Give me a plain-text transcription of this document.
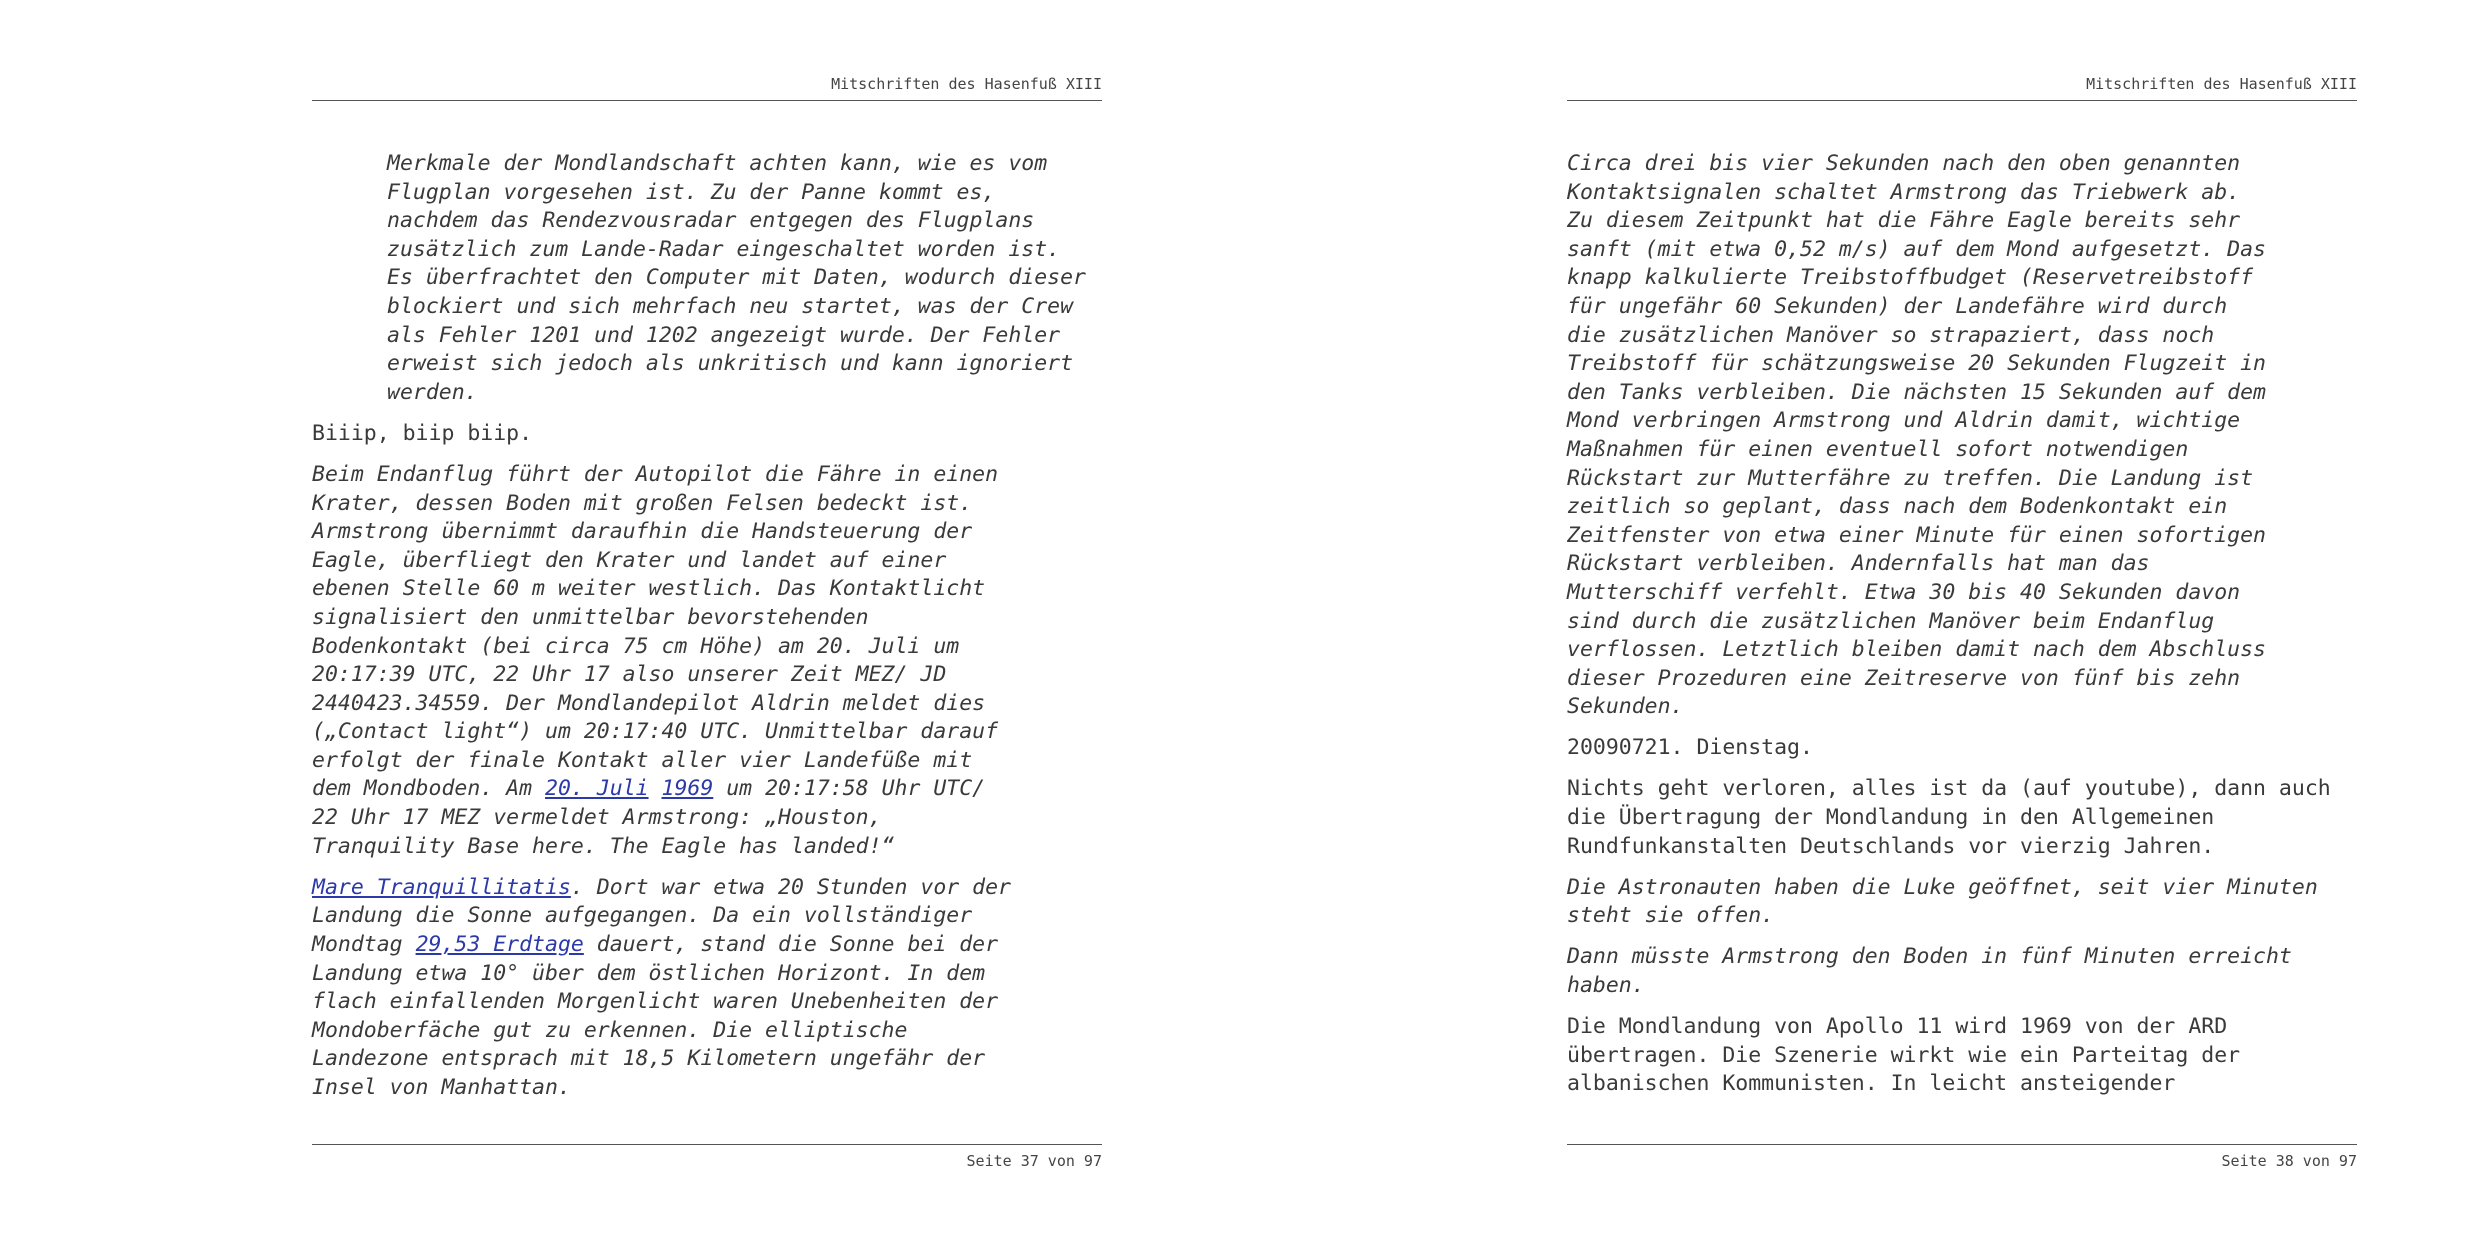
Mitschriften des Hasenfuß XIII

Merkmale der Mondlandschaft achten kann, wie es vom
Flugplan vorgesehen ist. Zu der Panne kommt es,
nachdem das Rendezvousradar entgegen des Flugplans
zusätzlich zum Lande-Radar eingeschaltet worden ist.
Es überfrachtet den Computer mit Daten, wodurch dieser
blockiert und sich mehrfach neu startet, was der Crew
als Fehler 1201 und 1202 angezeigt wurde. Der Fehler
erweist sich jedoch als unkritisch und kann ignoriert
werden.

Biiip, biip biip.

Beim Endanflug führt der Autopilot die Fähre in einen
Krater, dessen Boden mit großen Felsen bedeckt ist.
Armstrong übernimmt daraufhin die Handsteuerung der
Eagle, überfliegt den Krater und landet auf einer
ebenen Stelle 60 m weiter westlich. Das Kontaktlicht
signalisiert den unmittelbar bevorstehenden
Bodenkontakt (bei circa 75 cm Höhe) am 20. Juli um
20:17:39 UTC, 22 Uhr 17 also unserer Zeit MEZ/ JD
2440423.34559. Der Mondlandepilot Aldrin meldet dies
(„Contact light“) um 20:17:40 UTC. Unmittelbar darauf
erfolgt der finale Kontakt aller vier Landefüße mit
dem Mondboden. Am 20. Juli 1969 um 20:17:58 Uhr UTC/
22 Uhr 17 MEZ vermeldet Armstrong: „Houston,
Tranquility Base here. The Eagle has landed!“

Mare Tranquillitatis. Dort war etwa 20 Stunden vor der
Landung die Sonne aufgegangen. Da ein vollständiger
Mondtag 29,53 Erdtage dauert, stand die Sonne bei der
Landung etwa 10° über dem östlichen Horizont. In dem
flach einfallenden Morgenlicht waren Unebenheiten der
Mondoberfäche gut zu erkennen. Die elliptische
Landezone entsprach mit 18,5 Kilometern ungefähr der
Insel von Manhattan.

Seite 37 von 97
Mitschriften des Hasenfuß XIII

Circa drei bis vier Sekunden nach den oben genannten
Kontaktsignalen schaltet Armstrong das Triebwerk ab.
Zu diesem Zeitpunkt hat die Fähre Eagle bereits sehr
sanft (mit etwa 0,52 m/s) auf dem Mond aufgesetzt. Das
knapp kalkulierte Treibstoffbudget (Reservetreibstoff
für ungefähr 60 Sekunden) der Landefähre wird durch
die zusätzlichen Manöver so strapaziert, dass noch
Treibstoff für schätzungsweise 20 Sekunden Flugzeit in
den Tanks verbleiben. Die nächsten 15 Sekunden auf dem
Mond verbringen Armstrong und Aldrin damit, wichtige
Maßnahmen für einen eventuell sofort notwendigen
Rückstart zur Mutterfähre zu treffen. Die Landung ist
zeitlich so geplant, dass nach dem Bodenkontakt ein
Zeitfenster von etwa einer Minute für einen sofortigen
Rückstart verbleiben. Andernfalls hat man das
Mutterschiff verfehlt. Etwa 30 bis 40 Sekunden davon
sind durch die zusätzlichen Manöver beim Endanflug
verflossen. Letztlich bleiben damit nach dem Abschluss
dieser Prozeduren eine Zeitreserve von fünf bis zehn
Sekunden.

20090721. Dienstag.

Nichts geht verloren, alles ist da (auf youtube), dann auch
die Übertragung der Mondlandung in den Allgemeinen
Rundfunkanstalten Deutschlands vor vierzig Jahren.

Die Astronauten haben die Luke geöffnet, seit vier Minuten
steht sie offen.

Dann müsste Armstrong den Boden in fünf Minuten erreicht
haben.

Die Mondlandung von Apollo 11 wird 1969 von der ARD
übertragen. Die Szenerie wirkt wie ein Parteitag der
albanischen Kommunisten. In leicht ansteigender

Seite 38 von 97
